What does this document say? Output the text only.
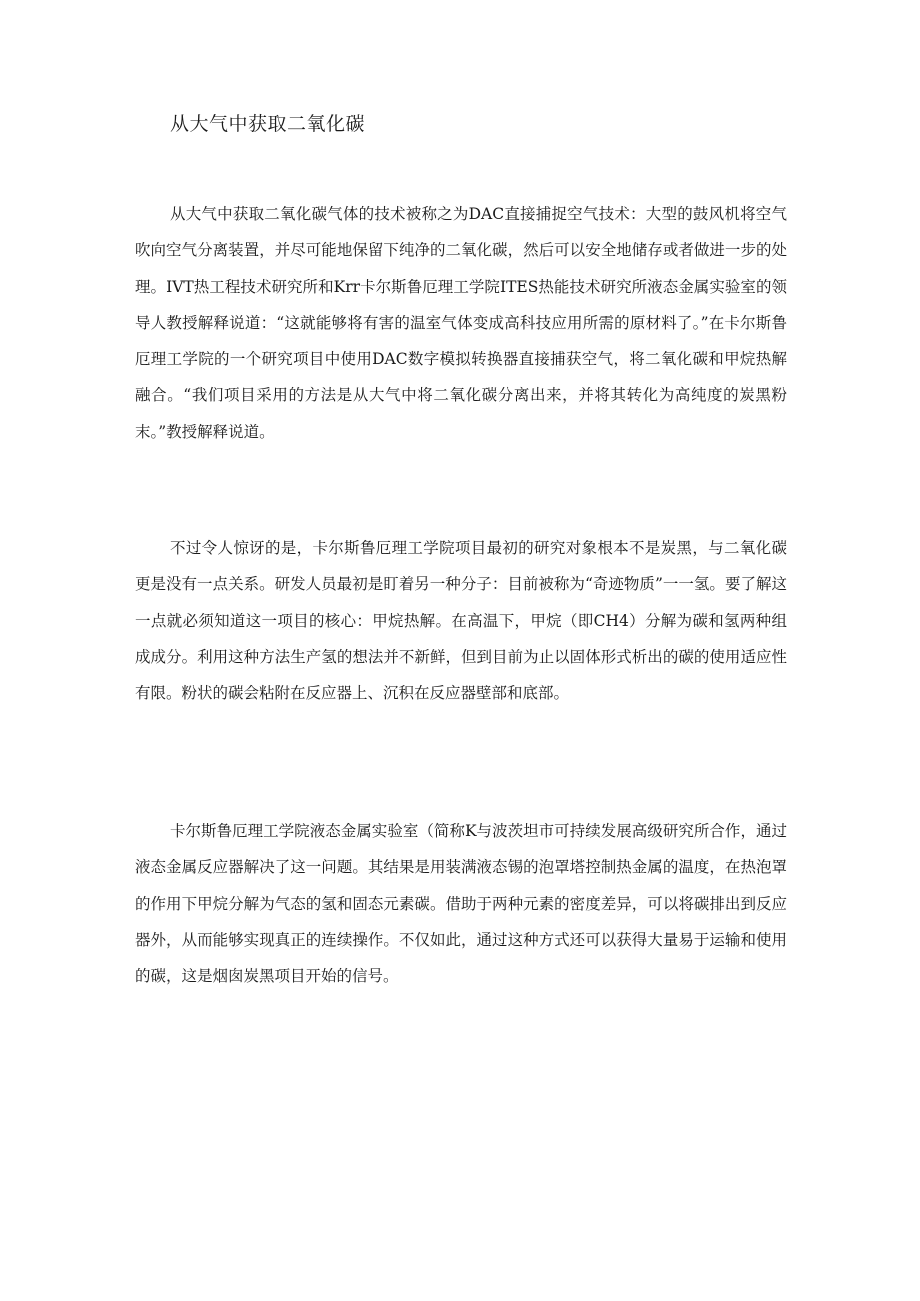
从大气中获取二氧化碳

从大气中获取二氧化碳气体的技术被称之为DAC直接捕捉空气技术：大型的鼓风机将空气吹向空气分离装置，并尽可能地保留下纯净的二氧化碳，然后可以安全地储存或者做进一步的处理。IVT热工程技术研究所和Krr卡尔斯鲁厄理工学院ITES热能技术研究所液态金属实验室的领导人教授解释说道：“这就能够将有害的温室气体变成高科技应用所需的原材料了。”在卡尔斯鲁厄理工学院的一个研究项目中使用DAC数字模拟转换器直接捕获空气，将二氧化碳和甲烷热解融合。“我们项目采用的方法是从大气中将二氧化碳分离出来，并将其转化为高纯度的炭黑粉末。”教授解释说道。

不过令人惊讶的是，卡尔斯鲁厄理工学院项目最初的研究对象根本不是炭黑，与二氧化碳更是没有一点关系。研发人员最初是盯着另一种分子：目前被称为“奇迹物质”一一氢。要了解这一点就必须知道这一项目的核心：甲烷热解。在高温下，甲烷（即CH4）分解为碳和氢两种组成成分。利用这种方法生产氢的想法并不新鲜，但到目前为止以固体形式析出的碳的使用适应性有限。粉状的碳会粘附在反应器上、沉积在反应器壁部和底部。

卡尔斯鲁厄理工学院液态金属实验室（简称K与波茨坦市可持续发展高级研究所合作，通过液态金属反应器解决了这一问题。其结果是用装满液态锡的泡罩塔控制热金属的温度，在热泡罩的作用下甲烷分解为气态的氢和固态元素碳。借助于两种元素的密度差异，可以将碳排出到反应器外，从而能够实现真正的连续操作。不仅如此，通过这种方式还可以获得大量易于运输和使用的碳，这是烟囱炭黑项目开始的信号。
